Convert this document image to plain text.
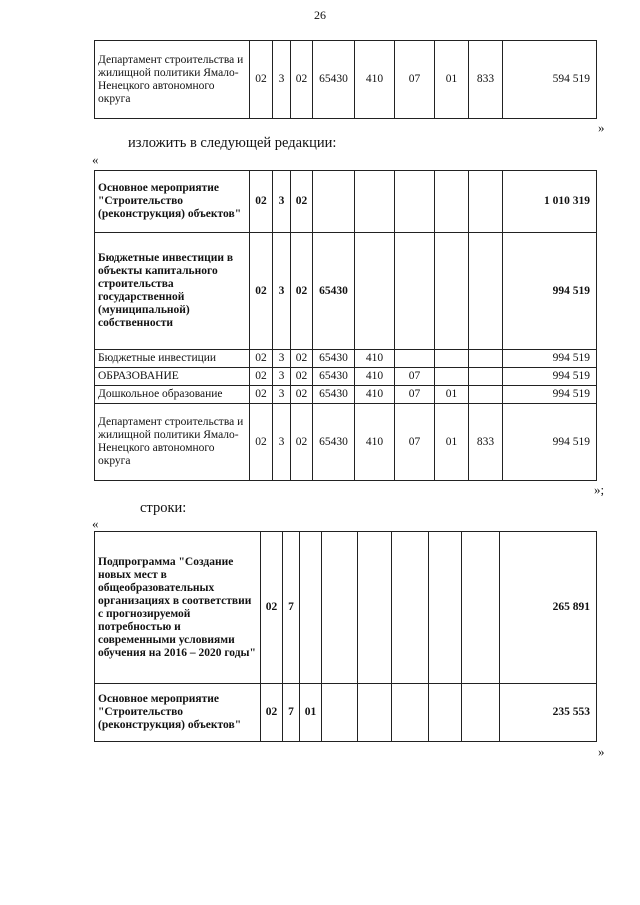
26
Департамент строительства и жилищной политики Ямало-Ненецкого автономного округа	02	3	02	65430	410	07	01	833	594 519
»
изложить в следующей редакции:
«
Основное мероприятие "Строительство (реконструкция) объектов"	02	3	02						1 010 319
Бюджетные инвестиции в объекты капитального строительства государственной (муниципальной) собственности	02	3	02	65430					994 519
Бюджетные инвестиции	02	3	02	65430	410				994 519
ОБРАЗОВАНИЕ	02	3	02	65430	410	07			994 519
Дошкольное образование	02	3	02	65430	410	07	01		994 519
Департамент строительства и жилищной политики Ямало-Ненецкого автономного округа	02	3	02	65430	410	07	01	833	994 519
»;
строки:
«
Подпрограмма "Создание новых мест в общеобразовательных организациях в соответствии с прогнозируемой потребностью и современными условиями обучения на 2016 – 2020 годы"	02	7							265 891
Основное мероприятие "Строительство (реконструкция) объектов"	02	7	01						235 553
»
